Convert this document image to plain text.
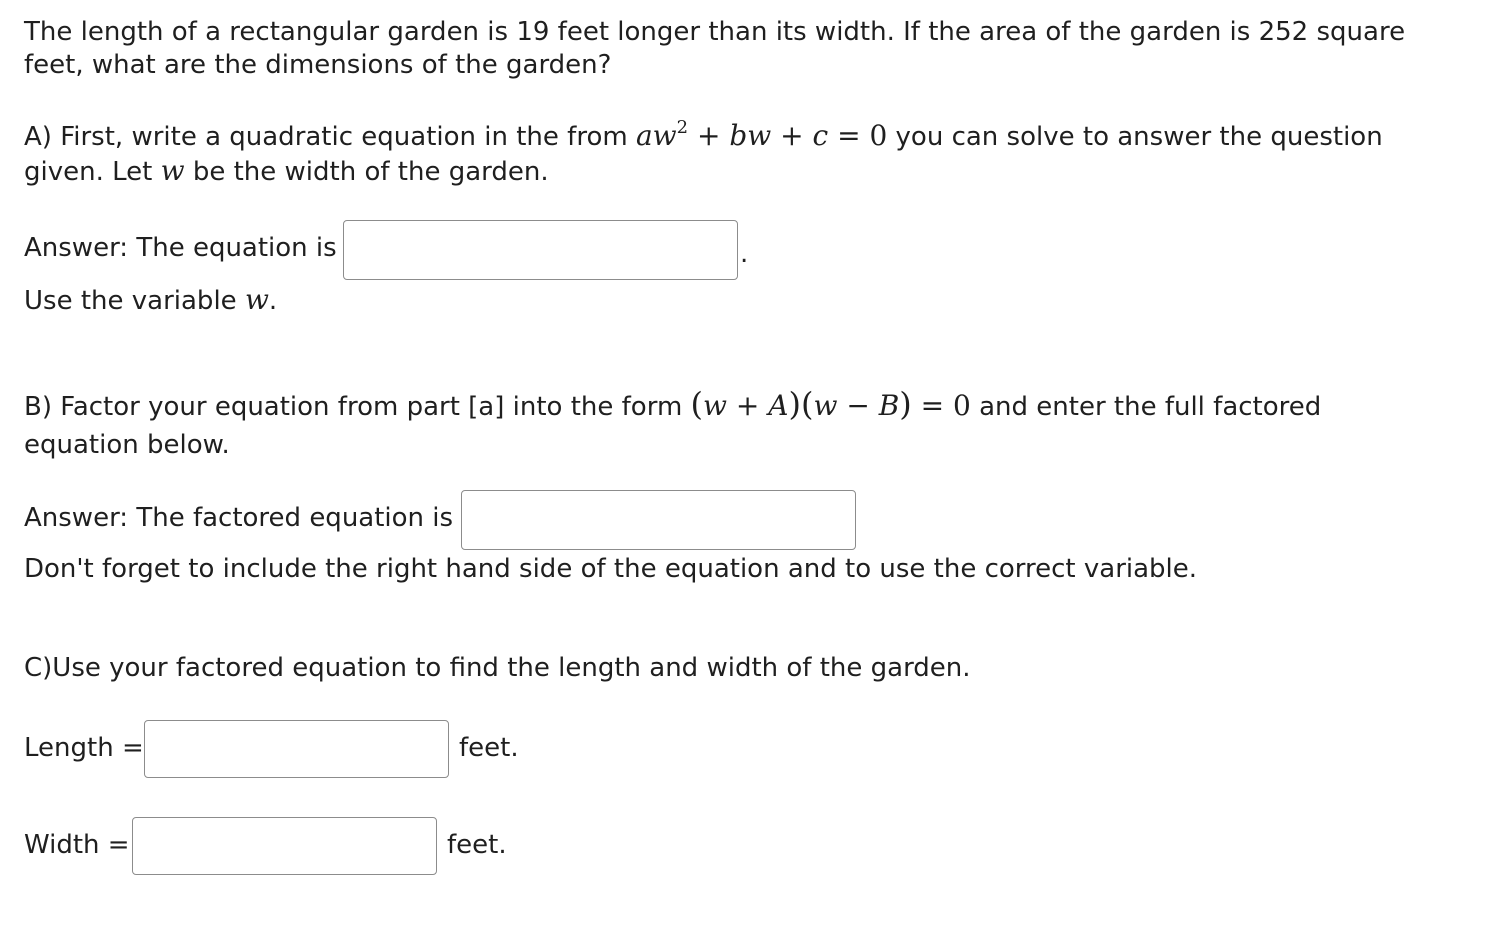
The length of a rectangular garden is 19 feet longer than its width. If the area of the garden is 252 square feet, what are the dimensions of the garden?
A) First, write a quadratic equation in the from $aw^2$ + bw + c = 0 you can solve to answer the question given. Let w be the width of the garden.
Answer: The equation is	.
Use the variable w.
B) Factor your equation from part [a] into the form (w + A)(w − B) = 0 and enter the full factored equation below.
Answer: The factored equation is
Don't forget to include the right hand side of the equation and to use the correct variable.
C)Use your factored equation to find the length and width of the garden.
Length =	feet.
Width =	feet.
